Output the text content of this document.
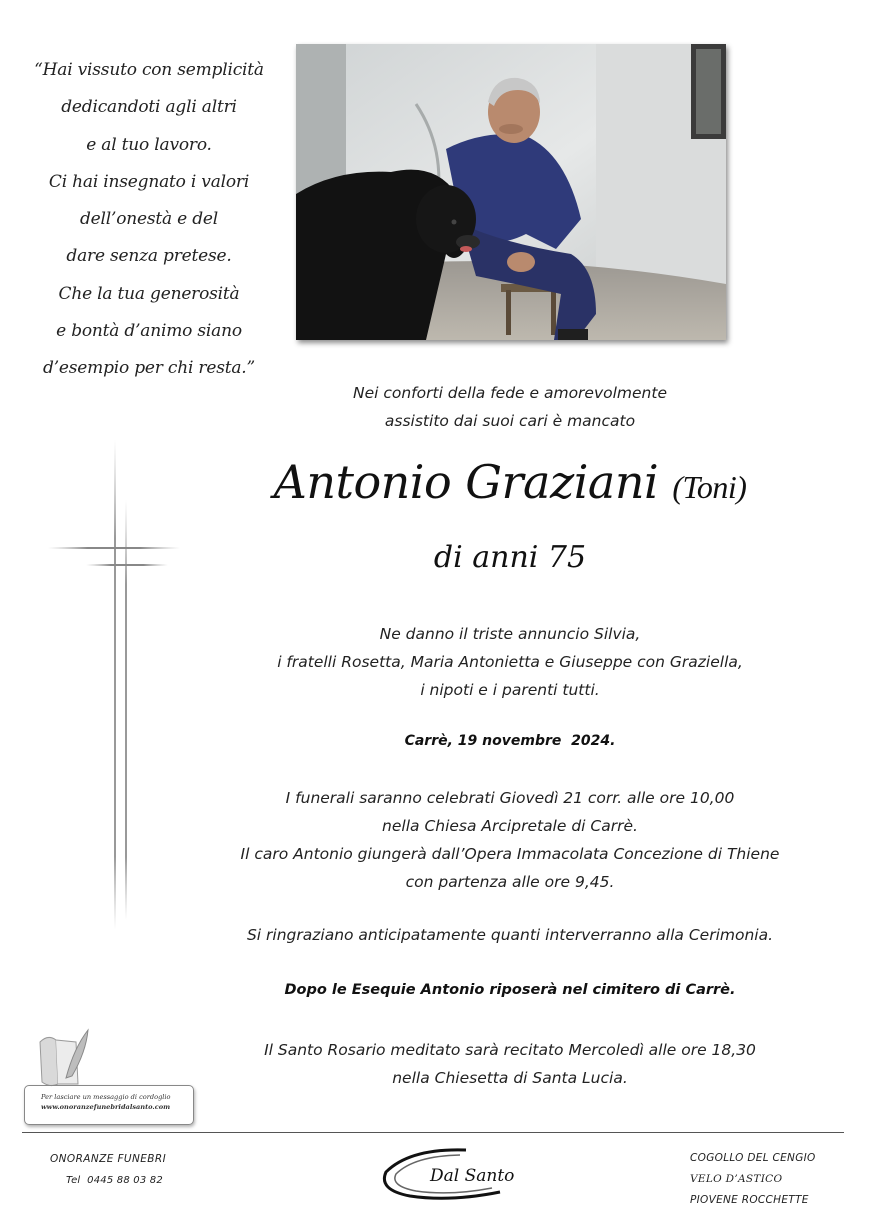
“Hai vissuto con semplicità
dedicandoti agli altri
e al tuo lavoro.
Ci hai insegnato i valori
dell’onestà e del
dare senza pretese.
Che la tua generosità
e bontà d’animo siano
d’esempio per chi resta.”
Nei conforti della fede e amorevolmente
assistito dai suoi cari è mancato
Antonio Graziani (Toni)
di anni 75
Ne danno il triste annuncio Silvia,
i fratelli Rosetta, Maria Antonietta e Giuseppe con Graziella,
i nipoti e i parenti tutti.
Carrè, 19 novembre  2024.
I funerali saranno celebrati Giovedì 21 corr. alle ore 10,00
nella Chiesa Arcipretale di Carrè.
Il caro Antonio giungerà dall’Opera Immacolata Concezione di Thiene
con partenza alle ore 9,45.
Si ringraziano anticipatamente quanti interverranno alla Cerimonia.
Dopo le Esequie Antonio riposerà nel cimitero di Carrè.
Il Santo Rosario meditato sarà recitato Mercoledì alle ore 18,30
nella Chiesetta di Santa Lucia.
Per lasciare un messaggio di cordoglio
www.onoranzefunebridalsanto.com
ONORANZE FUNEBRI
Tel  0445 88 03 82	Dal Santo
COGOLLO DEL CENGIO
VELO D’ASTICO
PIOVENE ROCCHETTE
